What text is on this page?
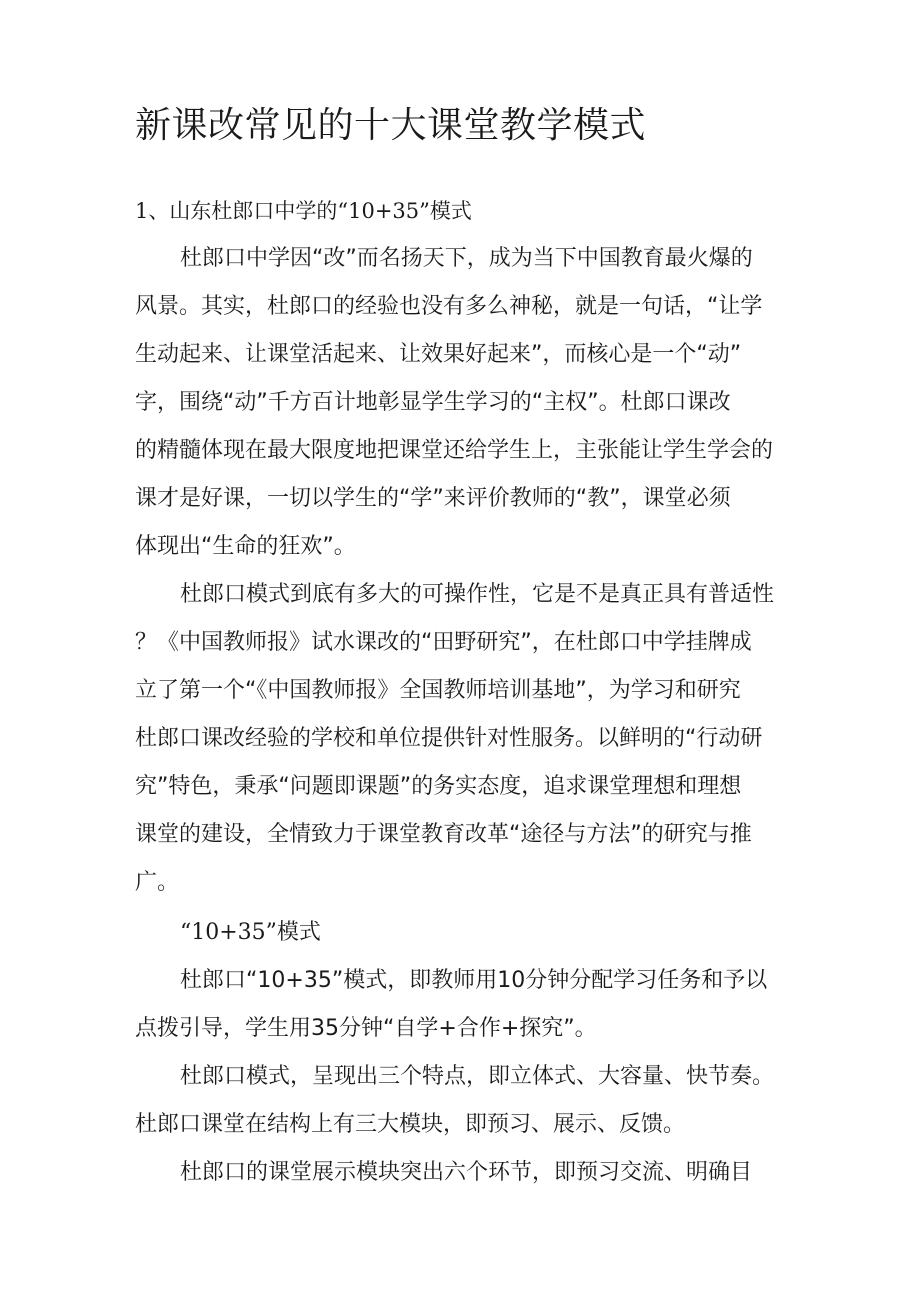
新课改常见的十大课堂教学模式
1、山东杜郎口中学的“10+35”模式
杜郎口中学因“改”而名扬天下，成为当下中国教育最火爆的
风景。其实，杜郎口的经验也没有多么神秘，就是一句话，“让学
生动起来、让课堂活起来、让效果好起来”，而核心是一个“动”
字，围绕“动”千方百计地彰显学生学习的“主权”。杜郎口课改
的精髓体现在最大限度地把课堂还给学生上，主张能让学生学会的
课才是好课，一切以学生的“学”来评价教师的“教”，课堂必须
体现出“生命的狂欢”。
杜郎口模式到底有多大的可操作性，它是不是真正具有普适性
？《中国教师报》试水课改的“田野研究”，在杜郎口中学挂牌成
立了第一个“《中国教师报》全国教师培训基地”，为学习和研究
杜郎口课改经验的学校和单位提供针对性服务。以鲜明的“行动研
究”特色，秉承“问题即课题”的务实态度，追求课堂理想和理想
课堂的建设，全情致力于课堂教育改革“途径与方法”的研究与推
广。
“10+35”模式
杜郎口“10+35”模式，即教师用10分钟分配学习任务和予以
点拨引导，学生用35分钟“自学+合作+探究”。
杜郎口模式，呈现出三个特点，即立体式、大容量、快节奏。
杜郎口课堂在结构上有三大模块，即预习、展示、反馈。
杜郎口的课堂展示模块突出六个环节，即预习交流、明确目
